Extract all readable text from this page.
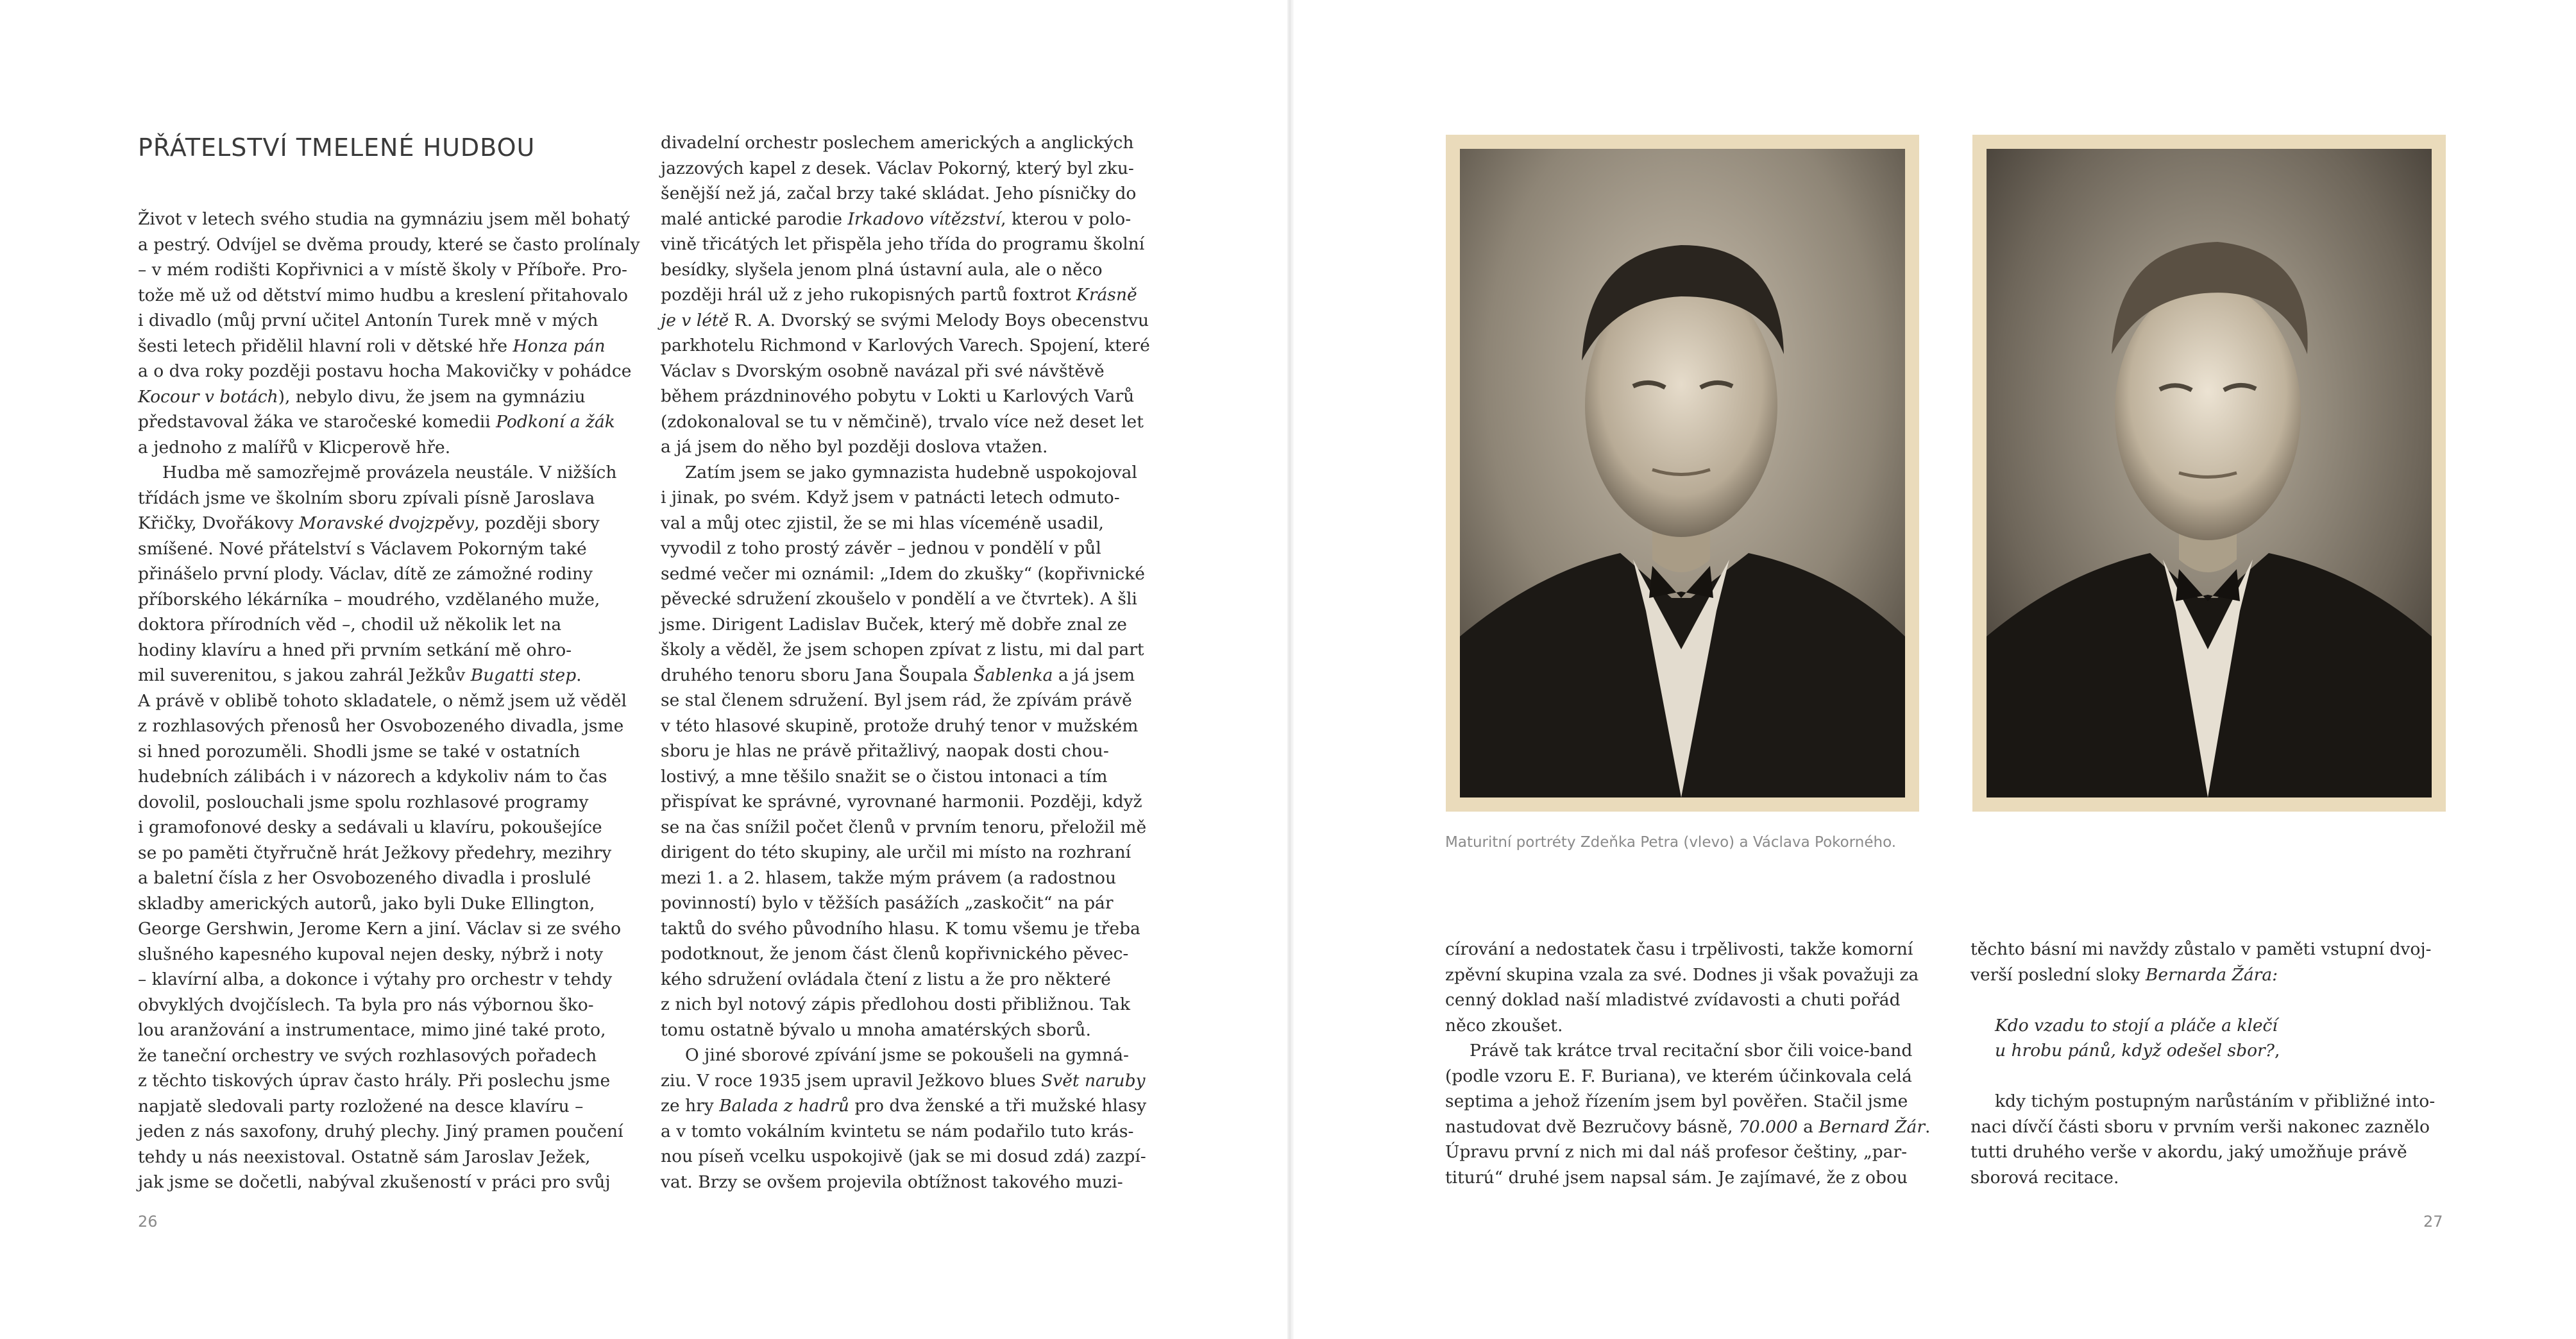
PŘÁTELSTVÍ TMELENÉ HUDBOU
Život v letech svého studia na gymnáziu jsem měl bohatý
a pestrý. Odvíjel se dvěma proudy, které se často prolínaly
– v mém rodišti Kopřivnici a v místě školy v Příboře. Pro-
tože mě už od dětství mimo hudbu a kreslení přitahovalo
i divadlo (můj první učitel Antonín Turek mně v mých
šesti letech přidělil hlavní roli v dětské hře Honza pán
a o dva roky později postavu hocha Makovičky v pohádce
Kocour v botách), nebylo divu, že jsem na gymnáziu
představoval žáka ve staročeské komedii Podkoní a žák
a jednoho z malířů v Klicperově hře.
Hudba mě samozřejmě provázela neustále. V nižších
třídách jsme ve školním sboru zpívali písně Jaroslava
Křičky, Dvořákovy Moravské dvojzpěvy, později sbory
smíšené. Nové přátelství s Václavem Pokorným také
přinášelo první plody. Václav, dítě ze zámožné rodiny
příborského lékárníka – moudrého, vzdělaného muže,
doktora přírodních věd –, chodil už několik let na
hodiny klavíru a hned při prvním setkání mě ohro-
mil suverenitou, s jakou zahrál Ježkův Bugatti step.
A právě v oblibě tohoto skladatele, o němž jsem už věděl
z rozhlasových přenosů her Osvobozeného divadla, jsme
si hned porozuměli. Shodli jsme se také v ostatních
hudebních zálibách i v názorech a kdykoliv nám to čas
dovolil, poslouchali jsme spolu rozhlasové programy
i gramofonové desky a sedávali u klavíru, pokoušejíce
se po paměti čtyřručně hrát Ježkovy předehry, mezihry
a baletní čísla z her Osvobozeného divadla i proslulé
skladby amerických autorů, jako byli Duke Ellington,
George Gershwin, Jerome Kern a jiní. Václav si ze svého
slušného kapesného kupoval nejen desky, nýbrž i noty
– klavírní alba, a dokonce i výtahy pro orchestr v tehdy
obvyklých dvojčíslech. Ta byla pro nás výbornou ško-
lou aranžování a instrumentace, mimo jiné také proto,
že taneční orchestry ve svých rozhlasových pořadech
z těchto tiskových úprav často hrály. Při poslechu jsme
napjatě sledovali party rozložené na desce klavíru –
jeden z nás saxofony, druhý plechy. Jiný pramen poučení
tehdy u nás neexistoval. Ostatně sám Jaroslav Ježek,
jak jsme se dočetli, nabýval zkušeností v práci pro svůj
divadelní orchestr poslechem amerických a anglických
jazzových kapel z desek. Václav Pokorný, který byl zku-
šenější než já, začal brzy také skládat. Jeho písničky do
malé antické parodie Irkadovo vítězství, kterou v polo-
vině třicátých let přispěla jeho třída do programu školní
besídky, slyšela jenom plná ústavní aula, ale o něco
později hrál už z jeho rukopisných partů foxtrot Krásně
je v létě R. A. Dvorský se svými Melody Boys obecenstvu
parkhotelu Richmond v Karlových Varech. Spojení, které
Václav s Dvorským osobně navázal při své návštěvě
během prázdninového pobytu v Lokti u Karlových Varů
(zdokonaloval se tu v němčině), trvalo více než deset let
a já jsem do něho byl později doslova vtažen.
Zatím jsem se jako gymnazista hudebně uspokojoval
i jinak, po svém. Když jsem v patnácti letech odmuto-
val a můj otec zjistil, že se mi hlas víceméně usadil,
vyvodil z toho prostý závěr – jednou v pondělí v půl
sedmé večer mi oznámil: „Idem do zkušky“ (kopřivnické
pěvecké sdružení zkoušelo v pondělí a ve čtvrtek). A šli
jsme. Dirigent Ladislav Buček, který mě dobře znal ze
školy a věděl, že jsem schopen zpívat z listu, mi dal part
druhého tenoru sboru Jana Šoupala Šablenka a já jsem
se stal členem sdružení. Byl jsem rád, že zpívám právě
v této hlasové skupině, protože druhý tenor v mužském
sboru je hlas ne právě přitažlivý, naopak dosti chou-
lostivý, a mne těšilo snažit se o čistou intonaci a tím
přispívat ke správné, vyrovnané harmonii. Později, když
se na čas snížil počet členů v prvním tenoru, přeložil mě
dirigent do této skupiny, ale určil mi místo na rozhraní
mezi 1. a 2. hlasem, takže mým právem (a radostnou
povinností) bylo v těžších pasážích „zaskočit“ na pár
taktů do svého původního hlasu. K tomu všemu je třeba
podotknout, že jenom část členů kopřivnického pěvec-
kého sdružení ovládala čtení z listu a že pro některé
z nich byl notový zápis předlohou dosti přibližnou. Tak
tomu ostatně bývalo u mnoha amatérských sborů.
O jiné sborové zpívání jsme se pokoušeli na gymná-
ziu. V roce 1935 jsem upravil Ježkovo blues Svět naruby
ze hry Balada z hadrů pro dva ženské a tři mužské hlasy
a v tomto vokálním kvintetu se nám podařilo tuto krás-
nou píseň vcelku uspokojivě (jak se mi dosud zdá) zazpí-
vat. Brzy se ovšem projevila obtížnost takového muzi-
26
Maturitní portréty Zdeňka Petra (vlevo) a Václava Pokorného.
círování a nedostatek času i trpělivosti, takže komorní
zpěvní skupina vzala za své. Dodnes ji však považuji za
cenný doklad naší mladistvé zvídavosti a chuti pořád
něco zkoušet.
Právě tak krátce trval recitační sbor čili voice-band
(podle vzoru E. F. Buriana), ve kterém účinkovala celá
septima a jehož řízením jsem byl pověřen. Stačil jsme
nastudovat dvě Bezručovy básně, 70.000 a Bernard Žár
Úpravu první z nich mi dal náš profesor češtiny, „par-
titurú“ druhé jsem napsal sám. Je zajímavé, že z obou
těchto básní mi navždy zůstalo v paměti vstupní dvoj-
verší poslední sloky Bernarda Žára:

Kdo vzadu to stojí a pláče a klečí
u hrobu pánů, když odešel sbor?,

kdy tichým postupným narůstáním v přibližné into-
naci dívčí části sboru v prvním verši nakonec zaznělo
tutti druhého verše v akordu, jaký umožňuje právě
sborová recitace.
27
